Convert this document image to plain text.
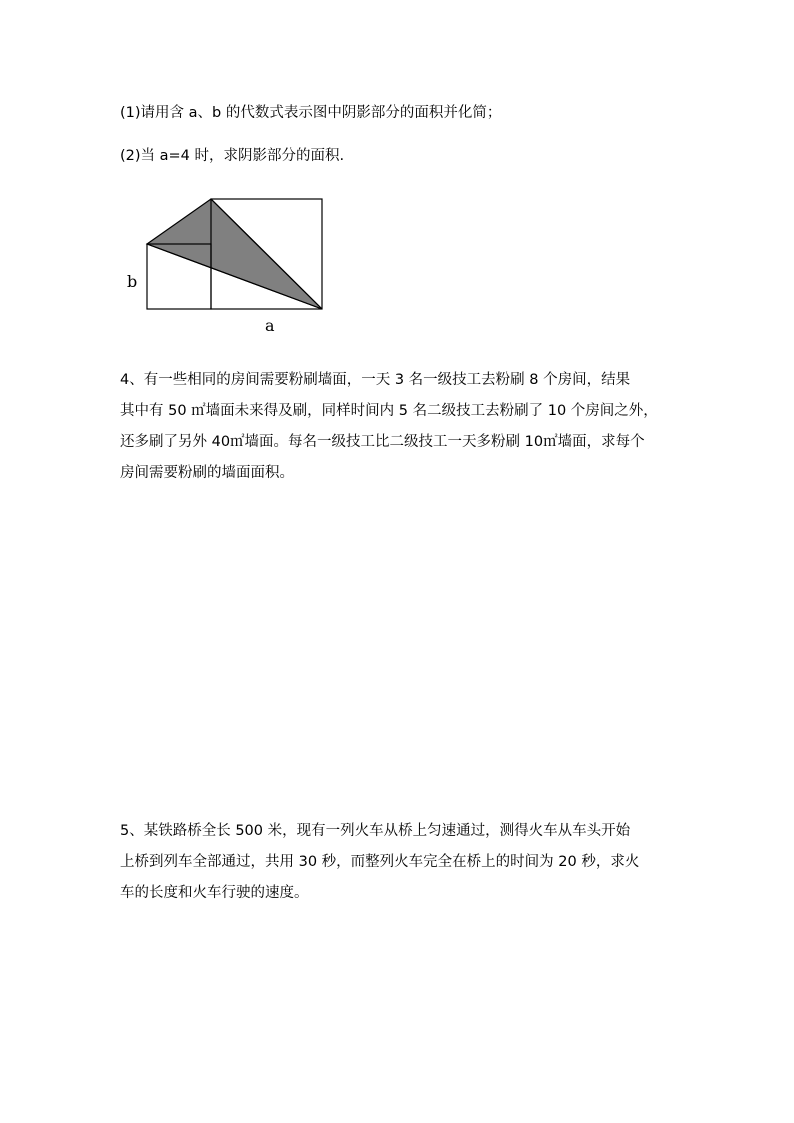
(1)请用含 a、b 的代数式表示图中阴影部分的面积并化简；
(2)当 a=4 时，求阴影部分的面积.
b
a
4、有一些相同的房间需要粉刷墙面，一天 3 名一级技工去粉刷 8 个房间，结果
其中有 50 ㎡墙面未来得及刷，同样时间内 5 名二级技工去粉刷了 10 个房间之外，
还多刷了另外 40㎡墙面。每名一级技工比二级技工一天多粉刷 10㎡墙面，求每个
房间需要粉刷的墙面面积。
5、某铁路桥全长 500 米，现有一列火车从桥上匀速通过，测得火车从车头开始
上桥到列车全部通过，共用 30 秒，而整列火车完全在桥上的时间为 20 秒，求火
车的长度和火车行驶的速度。
